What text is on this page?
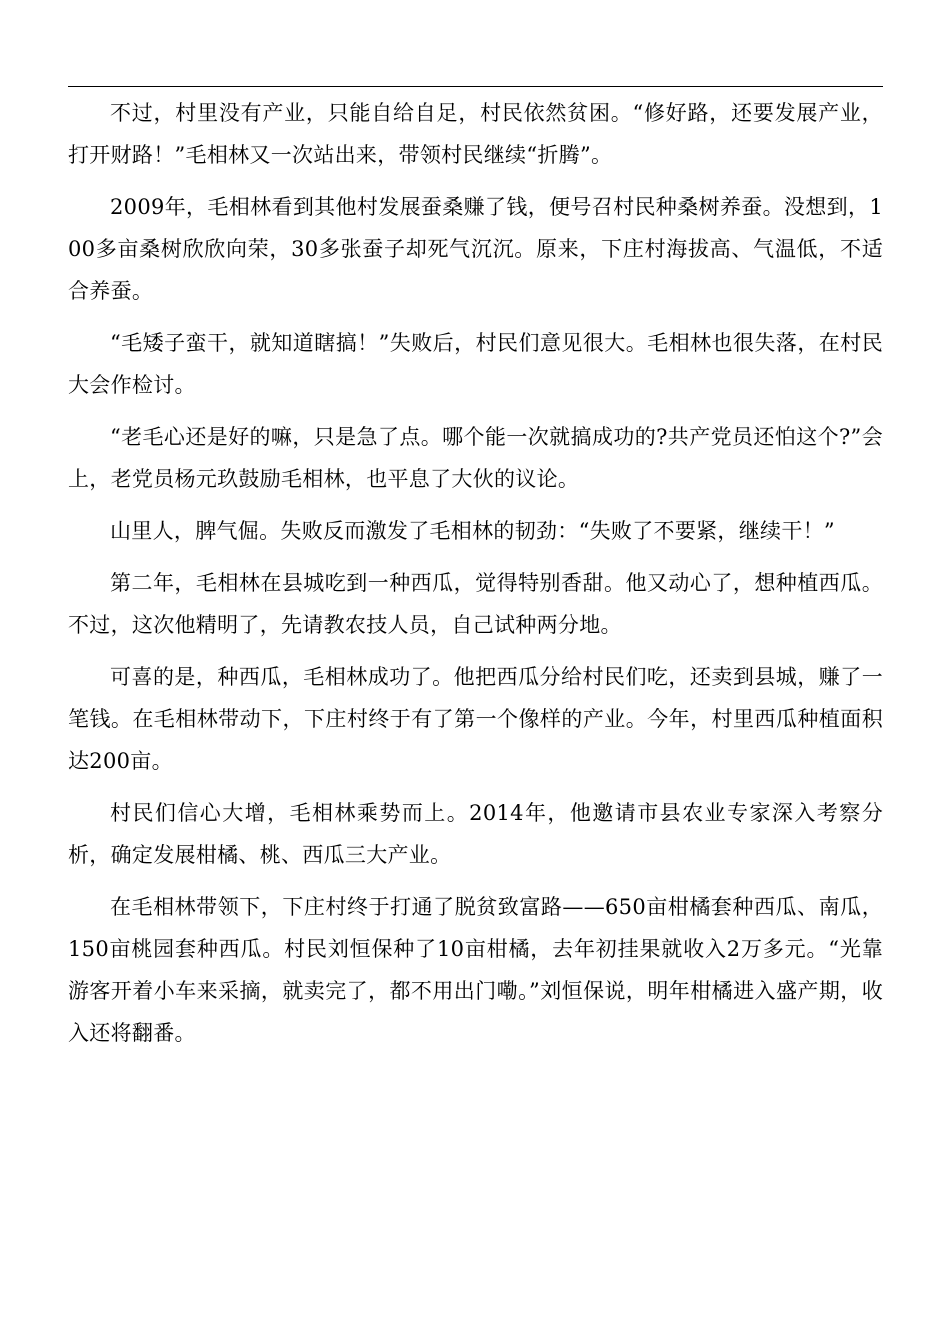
不过，村里没有产业，只能自给自足，村民依然贫困。“修好路，还要发展产业，打开财路！”毛相林又一次站出来，带领村民继续“折腾”。

2009年，毛相林看到其他村发展蚕桑赚了钱，便号召村民种桑树养蚕。没想到，100多亩桑树欣欣向荣，30多张蚕子却死气沉沉。原来，下庄村海拔高、气温低，不适合养蚕。

“毛矮子蛮干，就知道瞎搞！”失败后，村民们意见很大。毛相林也很失落，在村民大会作检讨。

“老毛心还是好的嘛，只是急了点。哪个能一次就搞成功的?共产党员还怕这个?”会上，老党员杨元玖鼓励毛相林，也平息了大伙的议论。

山里人，脾气倔。失败反而激发了毛相林的韧劲：“失败了不要紧，继续干！”

第二年，毛相林在县城吃到一种西瓜，觉得特别香甜。他又动心了，想种植西瓜。不过，这次他精明了，先请教农技人员，自己试种两分地。

可喜的是，种西瓜，毛相林成功了。他把西瓜分给村民们吃，还卖到县城，赚了一笔钱。在毛相林带动下，下庄村终于有了第一个像样的产业。今年，村里西瓜种植面积达200亩。

村民们信心大增，毛相林乘势而上。2014年，他邀请市县农业专家深入考察分析，确定发展柑橘、桃、西瓜三大产业。

在毛相林带领下，下庄村终于打通了脱贫致富路——650亩柑橘套种西瓜、南瓜，150亩桃园套种西瓜。村民刘恒保种了10亩柑橘，去年初挂果就收入2万多元。“光靠游客开着小车来采摘，就卖完了，都不用出门嘞。”刘恒保说，明年柑橘进入盛产期，收入还将翻番。
